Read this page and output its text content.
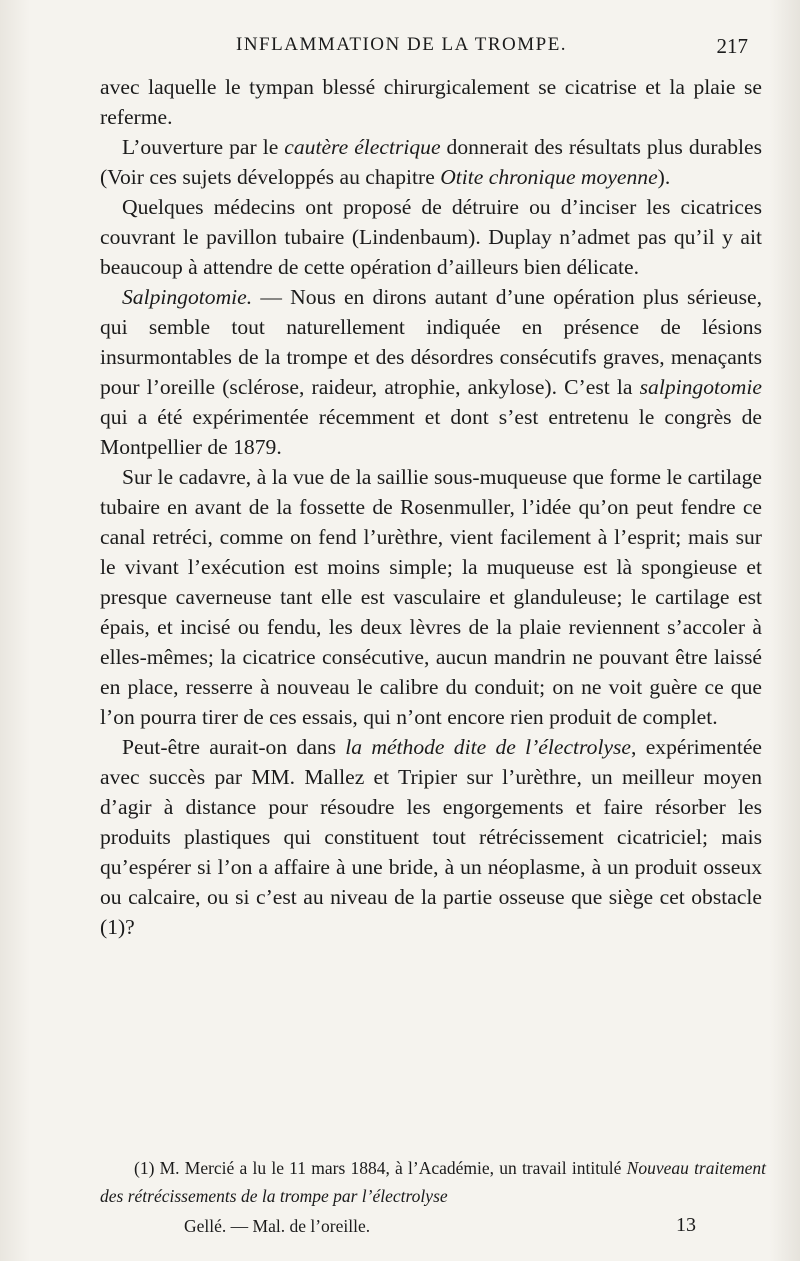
INFLAMMATION DE LA TROMPE.	217

avec laquelle le tympan blessé chirurgicalement se cicatrise et la plaie se referme.

L’ouverture par le cautère électrique donnerait des résultats plus durables (Voir ces sujets développés au chapitre Otite chronique moyenne).

Quelques médecins ont proposé de détruire ou d’inciser les cicatrices couvrant le pavillon tubaire (Lindenbaum). Duplay n’admet pas qu’il y ait beaucoup à attendre de cette opération d’ailleurs bien délicate.

Salpingotomie. — Nous en dirons autant d’une opération plus sérieuse, qui semble tout naturellement indiquée en présence de lésions insurmontables de la trompe et des désordres consécutifs graves, menaçants pour l’oreille (sclérose, raideur, atrophie, ankylose). C’est la salpingotomie qui a été expérimentée récemment et dont s’est entretenu le congrès de Montpellier de 1879.

Sur le cadavre, à la vue de la saillie sous-muqueuse que forme le cartilage tubaire en avant de la fossette de Rosenmuller, l’idée qu’on peut fendre ce canal retréci, comme on fend l’urèthre, vient facilement à l’esprit; mais sur le vivant l’exécution est moins simple; la muqueuse est là spongieuse et presque caverneuse tant elle est vasculaire et glanduleuse; le cartilage est épais, et incisé ou fendu, les deux lèvres de la plaie reviennent s’accoler à elles-mêmes; la cicatrice consécutive, aucun mandrin ne pouvant être laissé en place, resserre à nouveau le calibre du conduit; on ne voit guère ce que l’on pourra tirer de ces essais, qui n’ont encore rien produit de complet.

Peut-être aurait-on dans la méthode dite de l’électrolyse, expérimentée avec succès par MM. Mallez et Tripier sur l’urèthre, un meilleur moyen d’agir à distance pour résoudre les engorgements et faire résorber les produits plastiques qui constituent tout rétrécissement cicatriciel; mais qu’espérer si l’on a affaire à une bride, à un néoplasme, à un produit osseux ou calcaire, ou si c’est au niveau de la partie osseuse que siège cet obstacle (1)?

(1) M. Mercié a lu le 11 mars 1884, à l’Académie, un travail intitulé Nouveau traitement des rétrécissements de la trompe par l’électrolyse

Gellé. — Mal. de l’oreille.	13
